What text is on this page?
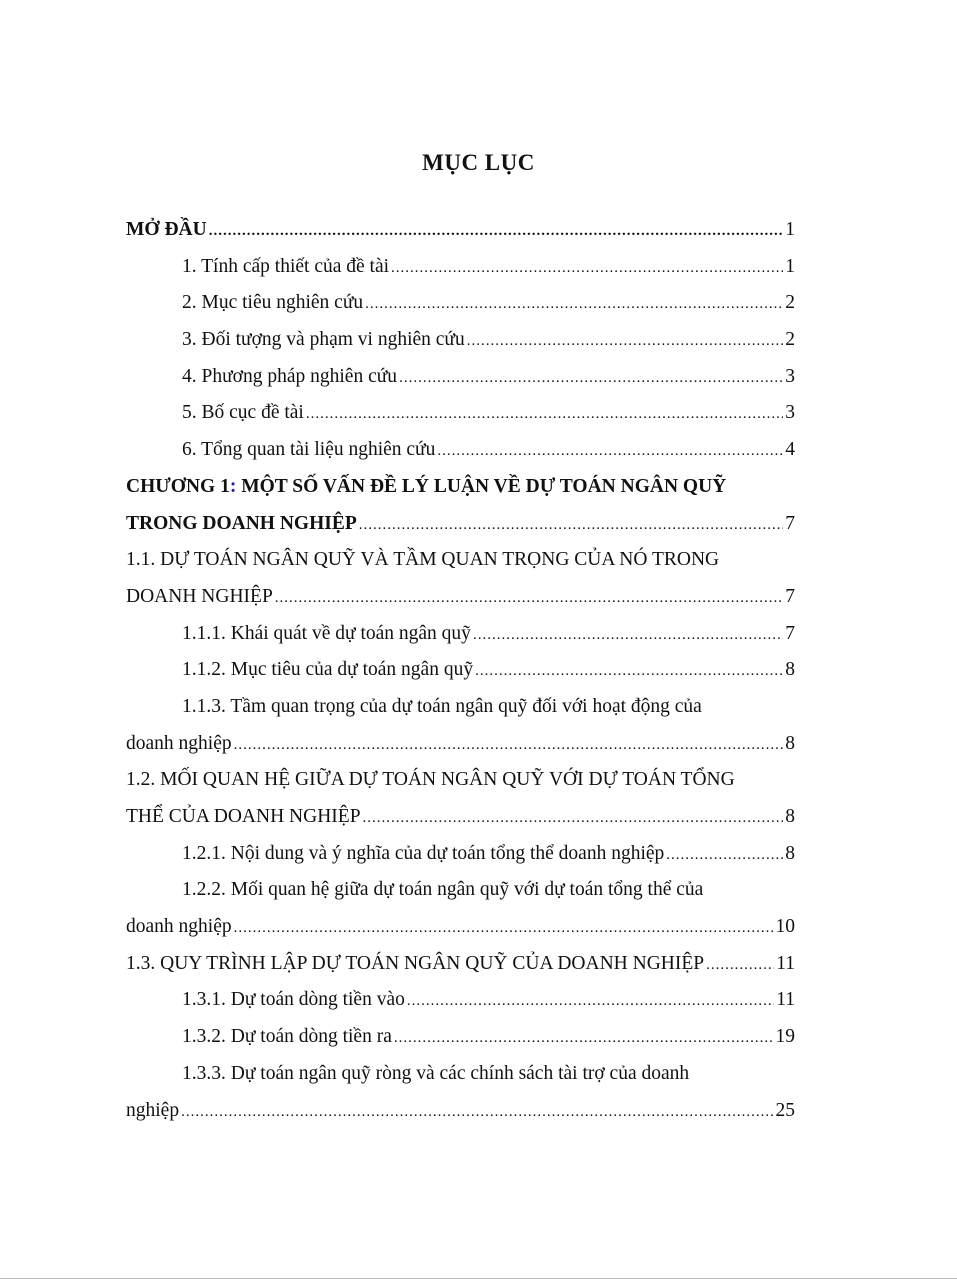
MỤC LỤC
MỞ ĐẦU .....	1
1. Tính cấp thiết của đề tài .....	1
2. Mục tiêu nghiên cứu .....	2
3. Đối tượng và phạm vi nghiên cứu .....	2
4. Phương pháp nghiên cứu .....	3
5. Bố cục đề tài .....	3
6. Tổng quan tài liệu nghiên cứu .....	4
CHƯƠNG 1: MỘT SỐ VẤN ĐỀ LÝ LUẬN VỀ DỰ TOÁN NGÂN QUỸ
TRONG DOANH NGHIỆP .....	7
1.1. DỰ TOÁN NGÂN QUỸ VÀ TẦM QUAN TRỌNG CỦA NÓ TRONG
DOANH NGHIỆP .....	7
1.1.1. Khái quát về dự toán ngân quỹ .....	7
1.1.2. Mục tiêu của dự toán ngân quỹ .....	8
1.1.3. Tầm quan trọng của dự toán ngân quỹ đối với hoạt động của
doanh nghiệp .....	8
1.2. MỐI QUAN HỆ GIỮA DỰ TOÁN NGÂN QUỸ VỚI DỰ TOÁN TỔNG
THỂ CỦA DOANH NGHIỆP .....	8
1.2.1. Nội dung và ý nghĩa của dự toán tổng thể doanh nghiệp .....	8
1.2.2. Mối quan hệ giữa dự toán ngân quỹ với dự toán tổng thể của
doanh nghiệp .....	10
1.3. QUY TRÌNH LẬP DỰ TOÁN NGÂN QUỸ CỦA DOANH NGHIỆP .....	11
1.3.1. Dự toán dòng tiền vào .....	11
1.3.2. Dự toán dòng tiền ra .....	19
1.3.3. Dự toán ngân quỹ ròng và các chính sách tài trợ của doanh
nghiệp .....	25
